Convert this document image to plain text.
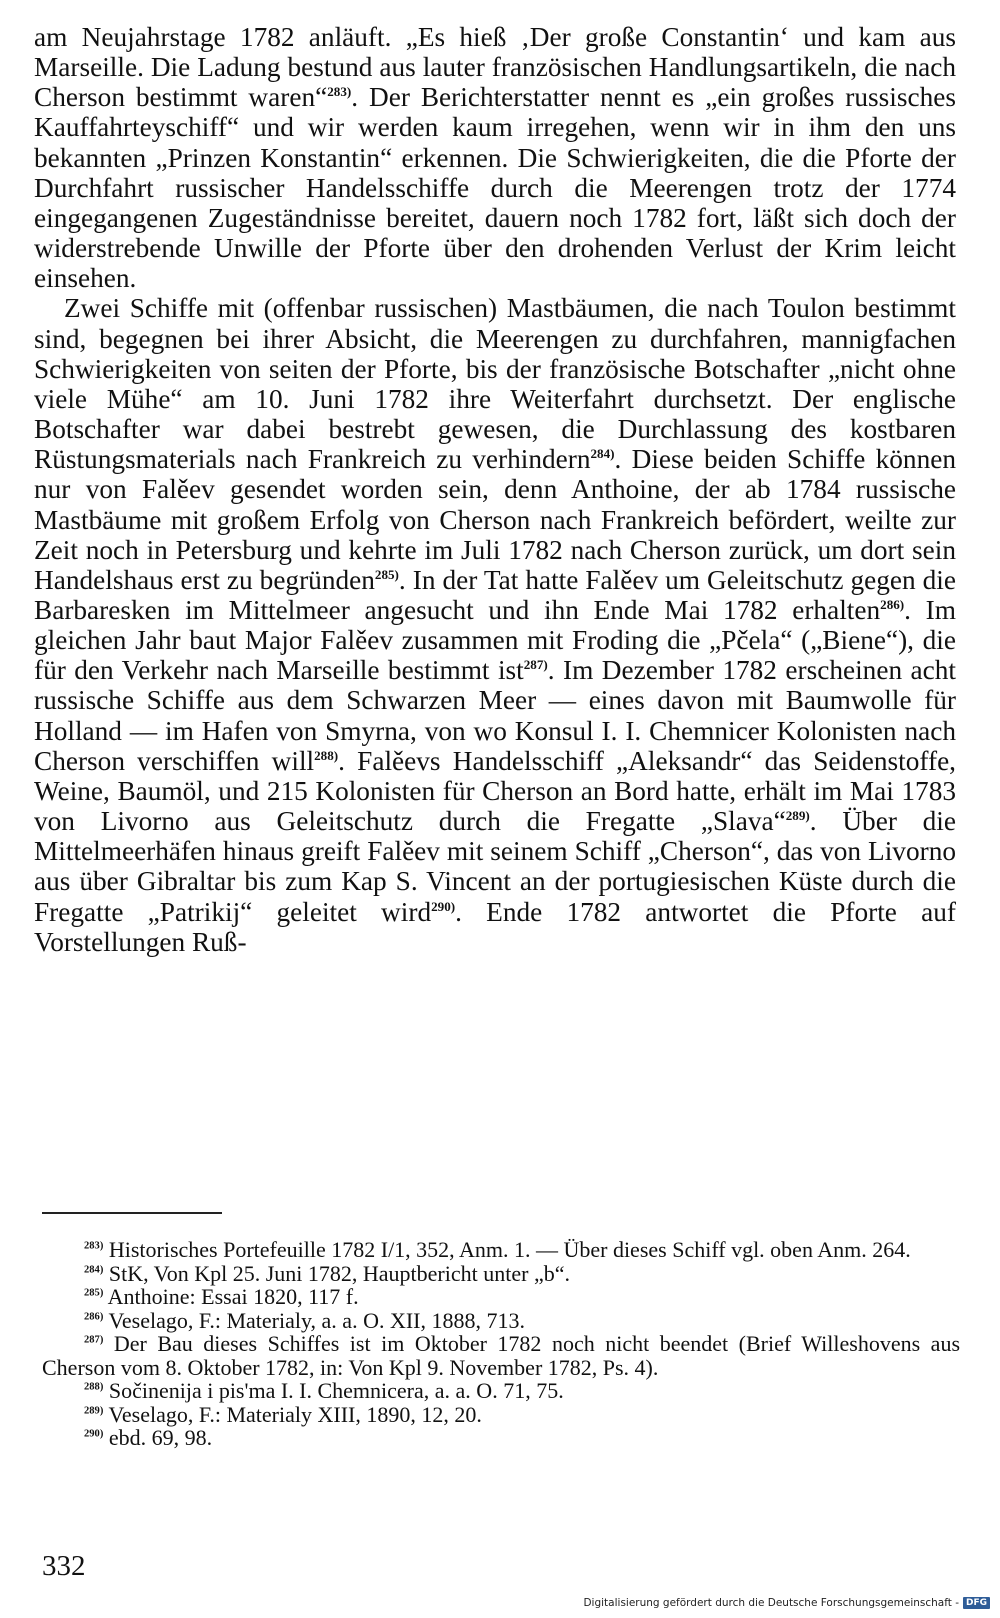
am Neujahrstage 1782 anläuft. „Es hieß ‚Der große Constantin‘ und kam aus Marseille. Die Ladung bestund aus lauter französischen Handlungsartikeln, die nach Cherson bestimmt waren“$^{283)}$. Der Berichterstatter nennt es „ein großes russisches Kauffahrteyschiff“ und wir werden kaum irregehen, wenn wir in ihm den uns bekannten „Prinzen Konstantin“ erkennen. Die Schwierigkeiten, die die Pforte der Durchfahrt russischer Handelsschiffe durch die Meerengen trotz der 1774 eingegangenen Zugeständnisse bereitet, dauern noch 1782 fort, läßt sich doch der widerstrebende Unwille der Pforte über den drohenden Verlust der Krim leicht einsehen.

Zwei Schiffe mit (offenbar russischen) Mastbäumen, die nach Toulon bestimmt sind, begegnen bei ihrer Absicht, die Meerengen zu durchfahren, mannigfachen Schwierigkeiten von seiten der Pforte, bis der französische Botschafter „nicht ohne viele Mühe“ am 10. Juni 1782 ihre Weiterfahrt durchsetzt. Der englische Botschafter war dabei bestrebt gewesen, die Durchlassung des kostbaren Rüstungsmaterials nach Frankreich zu verhindern$^{284)}$. Diese beiden Schiffe können nur von Falěev gesendet worden sein, denn Anthoine, der ab 1784 russische Mastbäume mit großem Erfolg von Cherson nach Frankreich befördert, weilte zur Zeit noch in Petersburg und kehrte im Juli 1782 nach Cherson zurück, um dort sein Handelshaus erst zu begründen$^{285)}$. In der Tat hatte Falěev um Geleitschutz gegen die Barbaresken im Mittelmeer angesucht und ihn Ende Mai 1782 erhalten$^{286)}$. Im gleichen Jahr baut Major Falěev zusammen mit Froding die „Pčela“ („Biene“), die für den Verkehr nach Marseille bestimmt ist$^{287)}$. Im Dezember 1782 erscheinen acht russische Schiffe aus dem Schwarzen Meer — eines davon mit Baumwolle für Holland — im Hafen von Smyrna, von wo Konsul I. I. Chemnicer Kolonisten nach Cherson verschiffen will$^{288)}$. Falěevs Handelsschiff „Aleksandr“ das Seidenstoffe, Weine, Baumöl, und 215 Kolonisten für Cherson an Bord hatte, erhält im Mai 1783 von Livorno aus Geleitschutz durch die Fregatte „Slava“$^{289)}$. Über die Mittelmeerhäfen hinaus greift Falěev mit seinem Schiff „Cherson“, das von Livorno aus über Gibraltar bis zum Kap S. Vincent an der portugiesischen Küste durch die Fregatte „Patrikij“ geleitet wird$^{290)}$. Ende 1782 antwortet die Pforte auf Vorstellungen Ruß-

$^{283)}$ Historisches Portefeuille 1782 I/1, 352, Anm. 1. — Über dieses Schiff vgl. oben Anm. 264.

$^{284)}$ StK, Von Kpl 25. Juni 1782, Hauptbericht unter „b“.

$^{285)}$ Anthoine: Essai 1820, 117 f.

$^{286)}$ Veselago, F.: Materialy, a. a. O. XII, 1888, 713.

$^{287)}$ Der Bau dieses Schiffes ist im Oktober 1782 noch nicht beendet (Brief Willeshovens aus Cherson vom 8. Oktober 1782, in: Von Kpl 9. November 1782, Ps. 4).

$^{288)}$ Sočinenija i pis'ma I. I. Chemnicera, a. a. O. 71, 75.

$^{289)}$ Veselago, F.: Materialy XIII, 1890, 12, 20.

$^{290)}$ ebd. 69, 98.

332
Digitalisierung gefördert durch die Deutsche Forschungsgemeinschaft - DFG
